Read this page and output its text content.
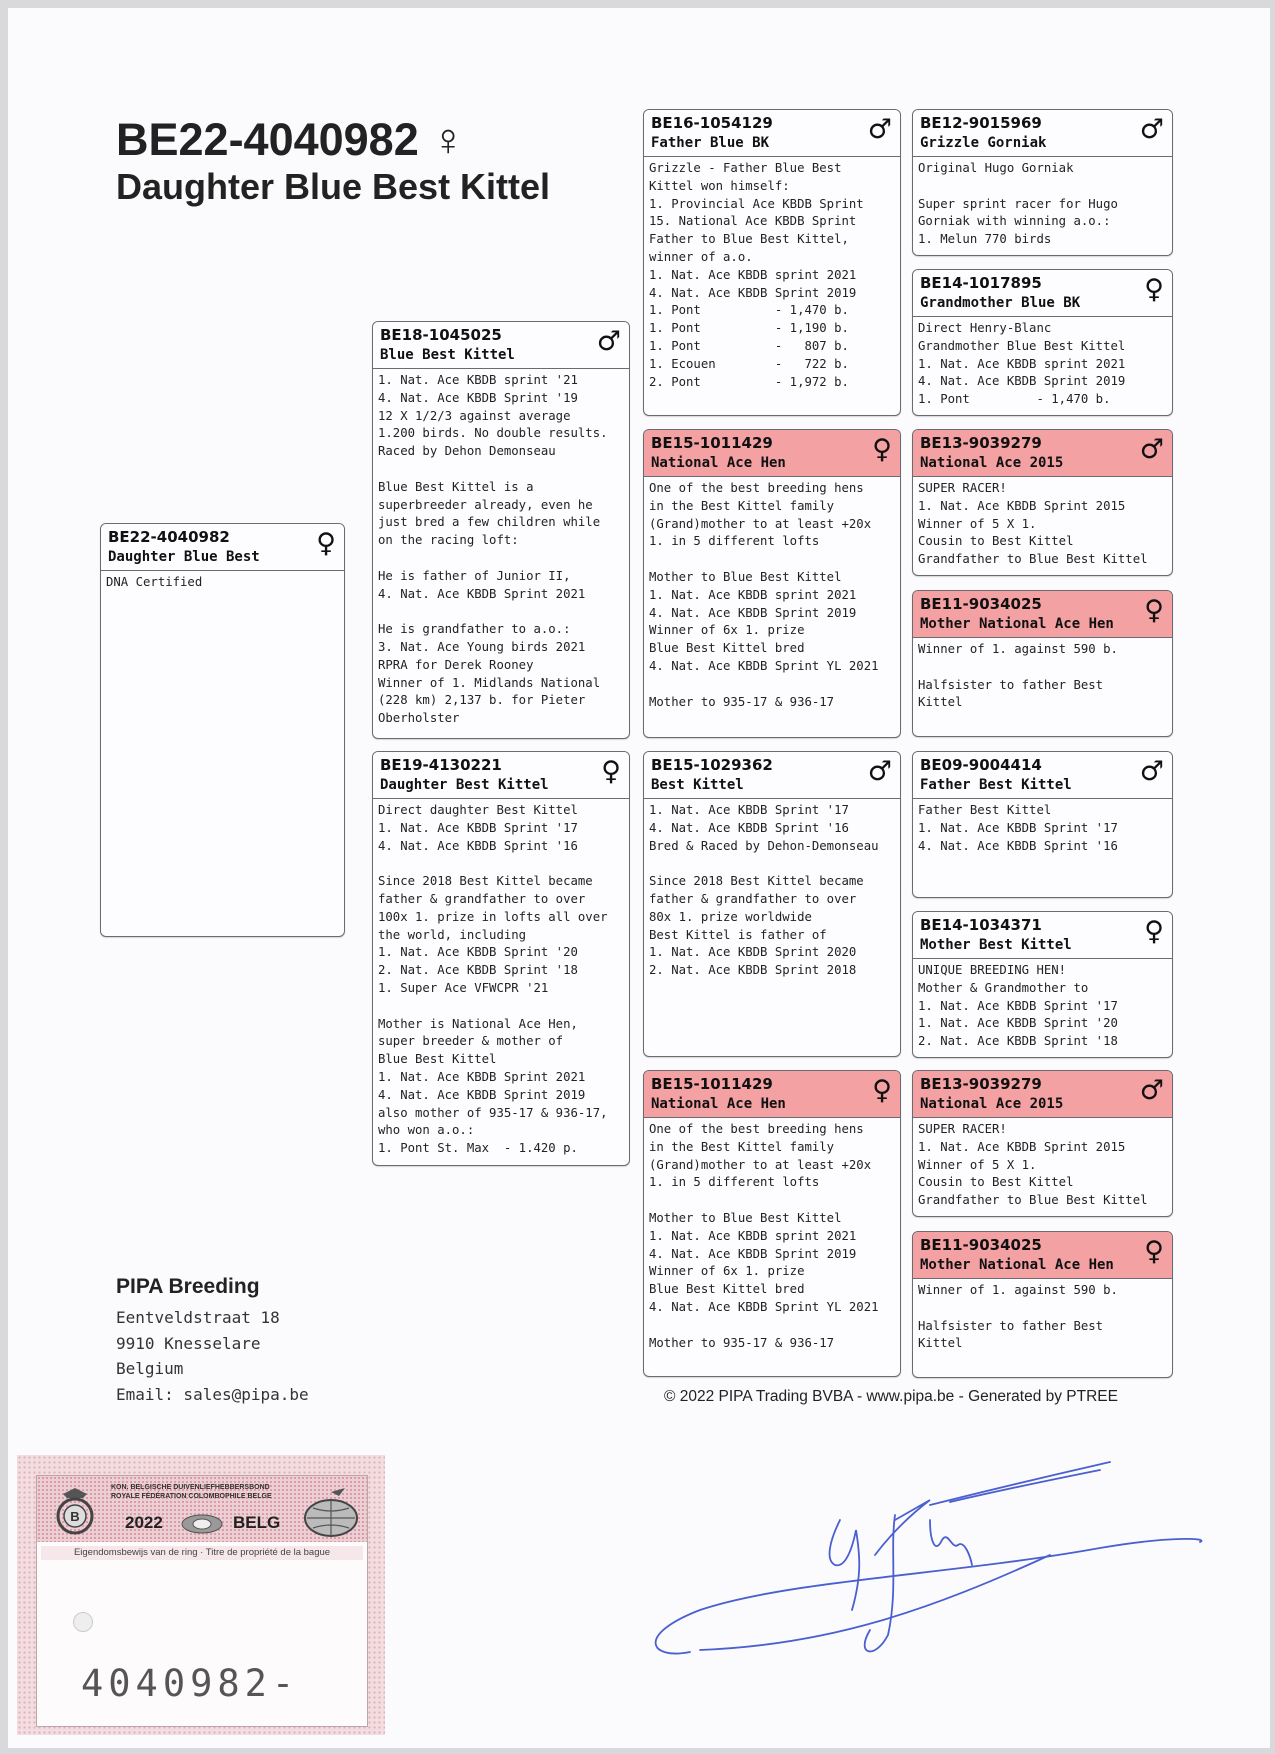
BE22-4040982 ♀
Daughter Blue Best Kittel
BE22-4040982
Daughter Blue Best ♀
DNA Certified
BE18-1045025
Blue Best Kittel	♂
1. Nat. Ace KBDB sprint '21
4. Nat. Ace KBDB Sprint '19
12 X 1/2/3 against average
1.200 birds. No double results.
Raced by Dehon Demonseau

Blue Best Kittel is a
superbreeder already, even he
just bred a few children while
on the racing loft:

He is father of Junior II,
4. Nat. Ace KBDB Sprint 2021

He is grandfather to a.o.:
3. Nat. Ace Young birds 2021
RPRA for Derek Rooney
Winner of 1. Midlands National
(228 km) 2,137 b. for Pieter
Oberholster
BE19-4130221
Daughter Best Kittel ♀
Direct daughter Best Kittel
1. Nat. Ace KBDB Sprint '17
4. Nat. Ace KBDB Sprint '16

Since 2018 Best Kittel became
father & grandfather to over
100x 1. prize in lofts all over
the world, including
1. Nat. Ace KBDB Sprint '20
2. Nat. Ace KBDB Sprint '18
1. Super Ace VFWCPR '21

Mother is National Ace Hen,
super breeder & mother of
Blue Best Kittel
1. Nat. Ace KBDB Sprint 2021
4. Nat. Ace KBDB Sprint 2019
also mother of 935-17 & 936-17,
who won a.o.:
1. Pont St. Max  - 1.420 p.
BE16-1054129
Father Blue BK	♂
Grizzle - Father Blue Best
Kittel won himself:
1. Provincial Ace KBDB Sprint
15. National Ace KBDB Sprint
Father to Blue Best Kittel,
winner of a.o.
1. Nat. Ace KBDB sprint 2021
4. Nat. Ace KBDB Sprint 2019
1. Pont          - 1,470 b.
1. Pont          - 1,190 b.
1. Pont          -   807 b.
1. Ecouen        -   722 b.
2. Pont          - 1,972 b.
BE15-1011429
National Ace Hen	♀
One of the best breeding hens
in the Best Kittel family
(Grand)mother to at least +20x
1. in 5 different lofts

Mother to Blue Best Kittel
1. Nat. Ace KBDB sprint 2021
4. Nat. Ace KBDB Sprint 2019
Winner of 6x 1. prize
Blue Best Kittel bred
4. Nat. Ace KBDB Sprint YL 2021

Mother to 935-17 & 936-17
BE15-1029362
Best Kittel	♂
1. Nat. Ace KBDB Sprint '17
4. Nat. Ace KBDB Sprint '16
Bred & Raced by Dehon-Demonseau

Since 2018 Best Kittel became
father & grandfather to over
80x 1. prize worldwide
Best Kittel is father of
1. Nat. Ace KBDB Sprint 2020
2. Nat. Ace KBDB Sprint 2018
BE15-1011429
National Ace Hen	♀
One of the best breeding hens
in the Best Kittel family
(Grand)mother to at least +20x
1. in 5 different lofts

Mother to Blue Best Kittel
1. Nat. Ace KBDB sprint 2021
4. Nat. Ace KBDB Sprint 2019
Winner of 6x 1. prize
Blue Best Kittel bred
4. Nat. Ace KBDB Sprint YL 2021

Mother to 935-17 & 936-17
BE12-9015969
Grizzle Gorniak	♂
Original Hugo Gorniak

Super sprint racer for Hugo
Gorniak with winning a.o.:
1. Melun 770 birds
BE14-1017895
Grandmother Blue BK ♀
Direct Henry-Blanc
Grandmother Blue Best Kittel
1. Nat. Ace KBDB sprint 2021
4. Nat. Ace KBDB Sprint 2019
1. Pont         - 1,470 b.
BE13-9039279
National Ace 2015	♂
SUPER RACER!
1. Nat. Ace KBDB Sprint 2015
Winner of 5 X 1.
Cousin to Best Kittel
Grandfather to Blue Best Kittel
BE11-9034025
Mother National Ace Hen ♀
Winner of 1. against 590 b.

Halfsister to father Best
Kittel
BE09-9004414
Father Best Kittel	♂
Father Best Kittel
1. Nat. Ace KBDB Sprint '17
4. Nat. Ace KBDB Sprint '16
BE14-1034371
Mother Best Kittel	♀
UNIQUE BREEDING HEN!
Mother & Grandmother to
1. Nat. Ace KBDB Sprint '17
1. Nat. Ace KBDB Sprint '20
2. Nat. Ace KBDB Sprint '18
BE13-9039279
National Ace 2015	♂
SUPER RACER!
1. Nat. Ace KBDB Sprint 2015
Winner of 5 X 1.
Cousin to Best Kittel
Grandfather to Blue Best Kittel
BE11-9034025
Mother National Ace Hen ♀
Winner of 1. against 590 b.

Halfsister to father Best
Kittel
PIPA Breeding
Eentveldstraat 18
9910 Knesselare
Belgium
Email: sales@pipa.be	© 2022 PIPA Trading BVBA - www.pipa.be - Generated by PTREE
B
KON. BELGISCHE DUIVENLIEFHEBBERSBOND
ROYALE FÉDÉRATION COLOMBOPHILE BELGE
2022	BELG
Eigendomsbewijs van de ring · Titre de propriété de la bague
4040982-
